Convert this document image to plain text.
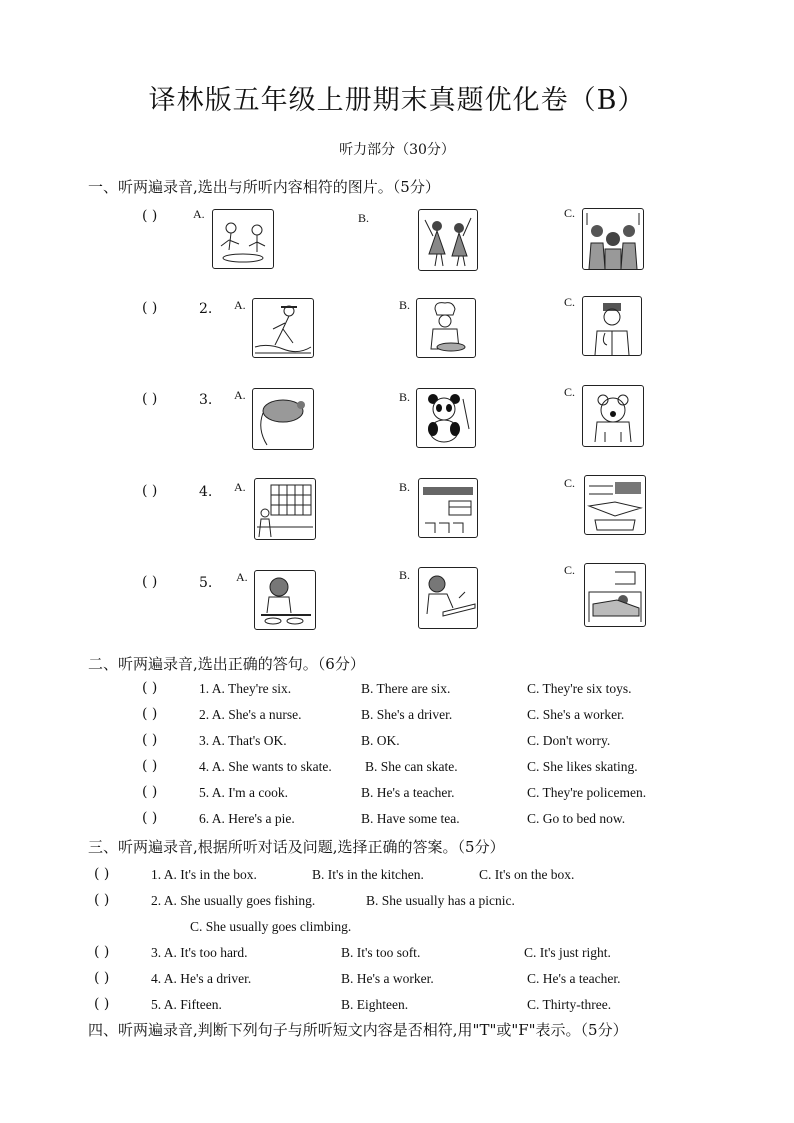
译林版五年级上册期末真题优化卷（B）
听力部分（30分）
一、听两遍录音,选出与所听内容相符的图片。（5分）
( )	A.	B.	C.
( )	2. A.	B.	C.
( )	3. A.	B.	C.
( )	4. A.	B.	C.
( )	5. A.	B.	C.
二、听两遍录音,选出正确的答句。（6分）
( )	1. A. They're six.	B. There are six.	C. They're six toys.
( )	2. A. She's a nurse.	B. She's a driver.	C. She's a worker.
( )	3. A. That's OK.	B. OK.	C. Don't worry.
( )	4. A. She wants to skate. B. She can skate.	C. She likes skating.
( )	5. A. I'm a cook.	B. He's a teacher.	C. They're policemen.
( )	6. A. Here's a pie.	B. Have some tea.	C. Go to bed now.
三、听两遍录音,根据所听对话及问题,选择正确的答案。（5分）
( )	1. A. It's in the box.	B. It's in the kitchen.	C. It's on the box.
( )	2. A. She usually goes fishing.	B. She usually has a picnic.
C. She usually goes climbing.
( )	3. A. It's too hard.	B. It's too soft.	C. It's just right.
( )	4. A. He's a driver.	B. He's a worker.	C. He's a teacher.
( )	5. A. Fifteen.	B. Eighteen.	C. Thirty-three.
四、听两遍录音,判断下列句子与所听短文内容是否相符,用"T"或"F"表示。（5分）
